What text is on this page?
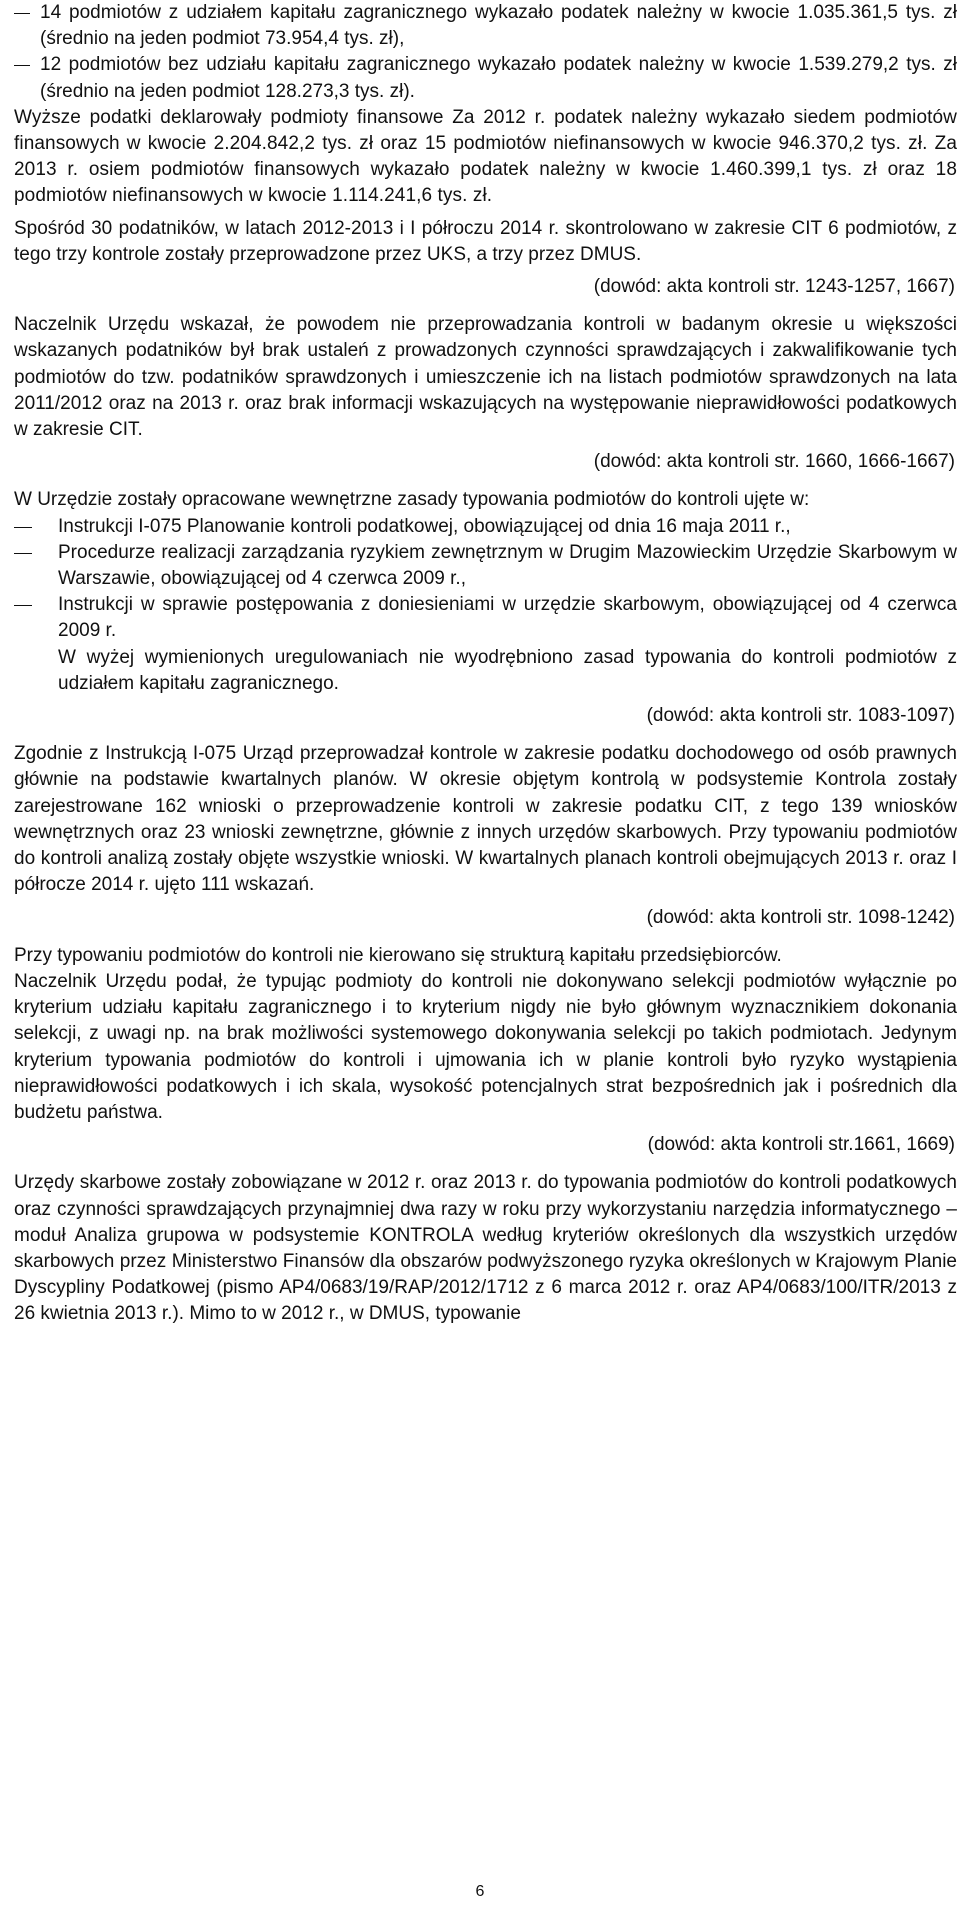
14 podmiotów z udziałem kapitału zagranicznego wykazało podatek należny w kwocie 1.035.361,5 tys. zł (średnio na jeden podmiot 73.954,4 tys. zł),

12 podmiotów bez udziału kapitału zagranicznego wykazało podatek należny w kwocie 1.539.279,2 tys. zł (średnio na jeden podmiot 128.273,3 tys. zł).

Wyższe podatki deklarowały podmioty finansowe Za 2012 r. podatek należny wykazało siedem podmiotów finansowych w kwocie 2.204.842,2 tys. zł oraz 15 podmiotów niefinansowych w kwocie 946.370,2 tys. zł. Za 2013 r. osiem podmiotów finansowych wykazało podatek należny w kwocie 1.460.399,1 tys. zł oraz 18 podmiotów niefinansowych w kwocie 1.114.241,6 tys. zł.

Spośród 30 podatników, w latach 2012-2013 i I półroczu 2014 r. skontrolowano w zakresie CIT 6 podmiotów, z tego trzy kontrole zostały przeprowadzone przez UKS, a trzy przez DMUS.

(dowód: akta kontroli str. 1243-1257, 1667)

Naczelnik Urzędu wskazał, że powodem nie przeprowadzania kontroli w badanym okresie u większości wskazanych podatników był brak ustaleń z prowadzonych czynności sprawdzających i zakwalifikowanie tych podmiotów do tzw. podatników sprawdzonych i umieszczenie ich na listach podmiotów sprawdzonych na lata 2011/2012 oraz na 2013 r. oraz brak informacji wskazujących na występowanie nieprawidłowości podatkowych w zakresie CIT.

(dowód: akta kontroli str. 1660, 1666-1667)

W Urzędzie zostały opracowane wewnętrzne zasady typowania podmiotów do kontroli ujęte w:

Instrukcji I-075 Planowanie kontroli podatkowej, obowiązującej od dnia 16 maja 2011 r.,

Procedurze realizacji zarządzania ryzykiem zewnętrznym w Drugim Mazowieckim Urzędzie Skarbowym w Warszawie, obowiązującej od 4 czerwca 2009 r.,

Instrukcji w sprawie postępowania z doniesieniami w urzędzie skarbowym, obowiązującej od 4 czerwca 2009 r.

W wyżej wymienionych uregulowaniach nie wyodrębniono zasad typowania do kontroli podmiotów z udziałem kapitału zagranicznego.

(dowód: akta kontroli str. 1083-1097)

Zgodnie z Instrukcją I-075 Urząd przeprowadzał kontrole w zakresie podatku dochodowego od osób prawnych głównie na podstawie kwartalnych planów. W okresie objętym kontrolą w podsystemie Kontrola zostały zarejestrowane 162 wnioski o przeprowadzenie kontroli w zakresie podatku CIT, z tego 139 wniosków wewnętrznych oraz 23 wnioski zewnętrzne, głównie z innych urzędów skarbowych. Przy typowaniu podmiotów do kontroli analizą zostały objęte wszystkie wnioski. W kwartalnych planach kontroli obejmujących 2013 r. oraz I półrocze 2014 r. ujęto 111 wskazań.

(dowód: akta kontroli str. 1098-1242)

Przy typowaniu podmiotów do kontroli nie kierowano się strukturą kapitału przedsiębiorców.

Naczelnik Urzędu podał, że typując podmioty do kontroli nie dokonywano selekcji podmiotów wyłącznie po kryterium udziału kapitału zagranicznego i to kryterium nigdy nie było głównym wyznacznikiem dokonania selekcji, z uwagi np. na brak możliwości systemowego dokonywania selekcji po takich podmiotach. Jedynym kryterium typowania podmiotów do kontroli i ujmowania ich w planie kontroli było ryzyko wystąpienia nieprawidłowości podatkowych i ich skala, wysokość potencjalnych strat bezpośrednich jak i pośrednich dla budżetu państwa.

(dowód: akta kontroli str.1661, 1669)

Urzędy skarbowe zostały zobowiązane w 2012 r. oraz 2013 r. do typowania podmiotów do kontroli podatkowych oraz czynności sprawdzających przynajmniej dwa razy w roku przy wykorzystaniu narzędzia informatycznego – moduł Analiza grupowa w podsystemie KONTROLA według kryteriów określonych dla wszystkich urzędów skarbowych przez Ministerstwo Finansów dla obszarów podwyższonego ryzyka określonych w Krajowym Planie Dyscypliny Podatkowej (pismo AP4/0683/19/RAP/2012/1712 z 6 marca 2012 r. oraz AP4/0683/100/ITR/2013 z 26 kwietnia 2013 r.). Mimo to w 2012 r., w DMUS, typowanie

6
